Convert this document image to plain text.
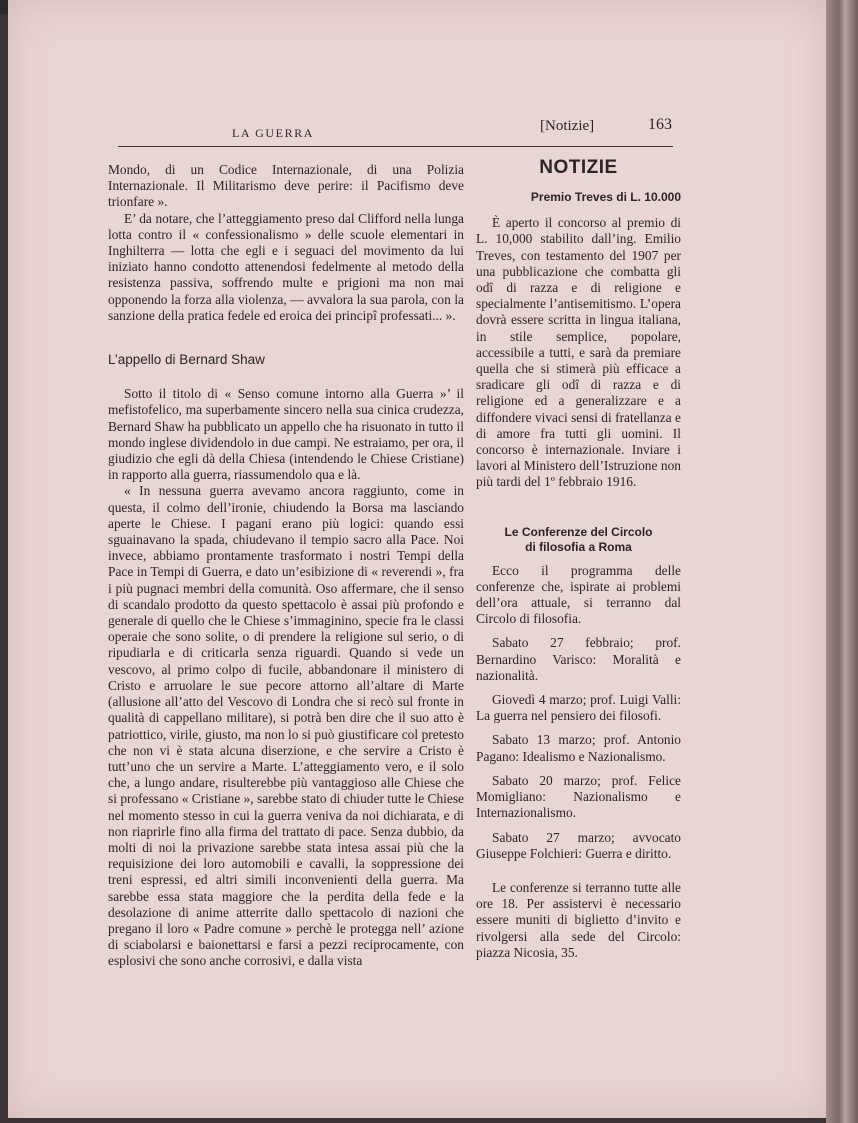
LA GUERRA	[Notizie]	163

Mondo, di un Codice Internazionale, di una Polizia Internazionale. Il Militarismo deve perire: il Pacifismo deve trionfare ».

E’ da notare, che l’atteggiamento preso dal Clifford nella lunga lotta contro il « confessionalismo » delle scuole elementari in Inghilterra — lotta che egli e i seguaci del movimento da lui iniziato hanno condotto attenendosi fedelmente al metodo della resistenza passiva, soffrendo multe e prigioni ma non mai opponendo la forza alla violenza, — avvalora la sua parola, con la sanzione della pratica fedele ed eroica dei principî professati... ».

L’appello di Bernard Shaw

Sotto il titolo di « Senso comune intorno alla Guerra »’ il mefistofelico, ma superbamente sincero nella sua cinica crudezza, Bernard Shaw ha pubblicato un appello che ha risuonato in tutto il mondo inglese dividendolo in due campi. Ne estraiamo, per ora, il giudizio che egli dà della Chiesa (intendendo le Chiese Cristiane) in rapporto alla guerra, riassumendolo qua e là.

« In nessuna guerra avevamo ancora raggiunto, come in questa, il colmo dell’ironie, chiudendo la Borsa ma lasciando aperte le Chiese. I pagani erano più logici: quando essi sguainavano la spada, chiudevano il tempio sacro alla Pace. Noi invece, abbiamo prontamente trasformato i nostri Tempi della Pace in Tempi di Guerra, e dato un’esibizione di « reverendi », fra i più pugnaci membri della comunità. Oso affermare, che il senso di scandalo prodotto da questo spettacolo è assai più profondo e generale di quello che le Chiese s’immaginino, specie fra le classi operaie che sono solite, o di prendere la religione sul serio, o di ripudiarla e di criticarla senza riguardi. Quando si vede un vescovo, al primo colpo di fucile, abbandonare il ministero di Cristo e arruolare le sue pecore attorno all’altare di Marte (allusione all’atto del Vescovo di Londra che si recò sul fronte in qualità di cappellano militare), si potrà ben dire che il suo atto è patriottico, virile, giusto, ma non lo si può giustificare col pretesto che non vi è stata alcuna diserzione, e che servire a Cristo è tutt’uno che un servire a Marte. L’atteggiamento vero, e il solo che, a lungo andare, risulterebbe più vantaggioso alle Chiese che si professano « Cristiane », sarebbe stato di chiuder tutte le Chiese nel momento stesso in cui la guerra veniva da noi dichiarata, e di non riaprirle fino alla firma del trattato di pace. Senza dubbio, da molti di noi la privazione sarebbe stata intesa assai più che la requisizione dei loro automobili e cavalli, la soppressione dei treni espressi, ed altri simili inconvenienti della guerra. Ma sarebbe essa stata maggiore che la perdita della fede e la desolazione di anime atterrite dallo spettacolo di nazioni che pregano il loro « Padre comune » perchè le protegga nell’ azione di sciabolarsi e baionettarsi e farsi a pezzi reciprocamente, con esplosivi che sono anche corrosivi, e dalla vista

NOTIZIE
Premio Treves di L. 10.000

È aperto il concorso al premio di L. 10,000 stabilito dall’ing. Emilio Treves, con testamento del 1907 per una pubblicazione che combatta gli odî di razza e di religione e specialmente l’antisemitismo. L’opera dovrà essere scritta in lingua italiana, in stile semplice, popolare, accessibile a tutti, e sarà da premiare quella che si stimerà più efficace a sradicare gli odî di razza e di religione ed a generalizzare e a diffondere vivaci sensi di fratellanza e di amore fra tutti gli uomini. Il concorso è internazionale. Inviare i lavori al Ministero dell’Istruzione non più tardi del 1º febbraio 1916.

Le Conferenze del Circolo
di filosofia a Roma

Ecco il programma delle conferenze che, ispirate ai problemi dell’ora attuale, si terranno dal Circolo di filosofia.

Sabato 27 febbraio; prof. Bernardino Varisco: Moralità e nazionalità.

Giovedì 4 marzo; prof. Luigi Valli: La guerra nel pensiero dei filosofi.

Sabato 13 marzo; prof. Antonio Pagano: Idealismo e Nazionalismo.

Sabato 20 marzo; prof. Felice Momigliano: Nazionalismo e Internazionalismo.

Sabato 27 marzo; avvocato Giuseppe Folchieri: Guerra e diritto.

Le conferenze si terranno tutte alle ore 18. Per assistervi è necessario essere muniti di biglietto d’invito e rivolgersi alla sede del Circolo: piazza Nicosia, 35.
